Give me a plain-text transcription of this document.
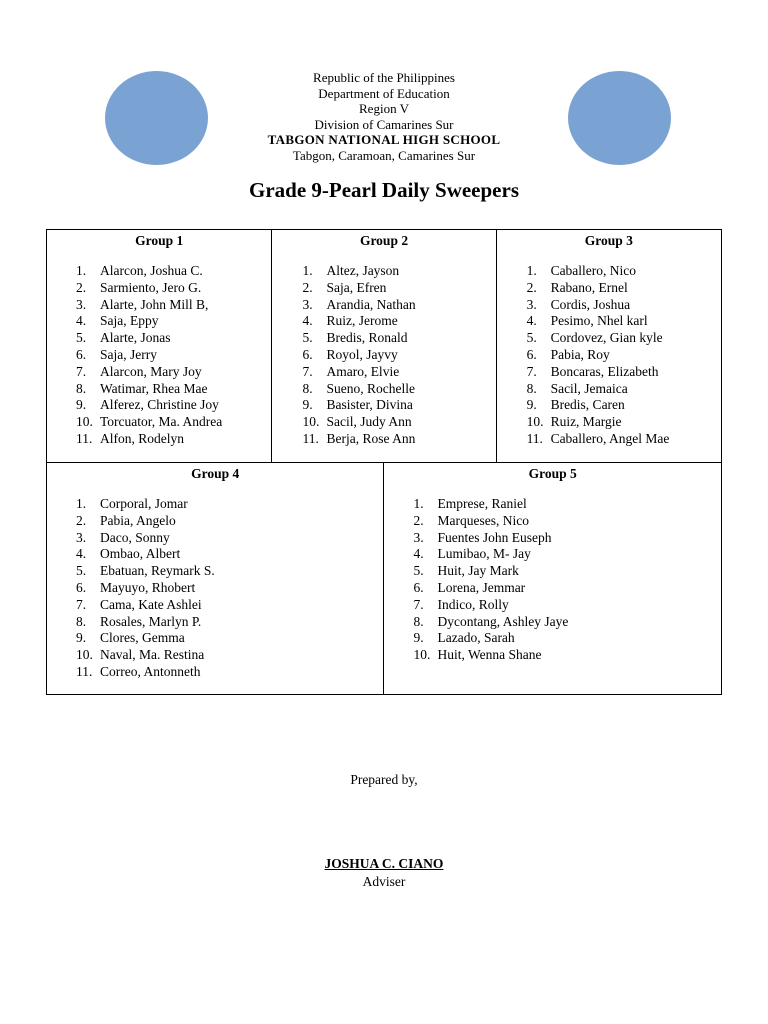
Republic of the Philippines
Department of Education
Region V
Division of Camarines Sur
TABGON NATIONAL HIGH SCHOOL
Tabgon, Caramoan, Camarines Sur
Grade 9-Pearl Daily Sweepers
Group 1
1. Alarcon, Joshua C.
2. Sarmiento, Jero G.
3. Alarte, John Mill B,
4. Saja, Eppy
5. Alarte, Jonas
6. Saja, Jerry
7. Alarcon, Mary Joy
8. Watimar, Rhea Mae
9. Alferez, Christine Joy
10. Torcuator, Ma. Andrea
11. Alfon, Rodelyn

Group 2
1. Altez, Jayson
2. Saja, Efren
3. Arandia, Nathan
4. Ruiz, Jerome
5. Bredis, Ronald
6. Royol, Jayvy
7. Amaro, Elvie
8. Sueno, Rochelle
9. Basister, Divina
10. Sacil, Judy Ann
11. Berja, Rose Ann

Group 3
1. Caballero, Nico
2. Rabano, Ernel
3. Cordis, Joshua
4. Pesimo, Nhel karl
5. Cordovez, Gian kyle
6. Pabia, Roy
7. Boncaras, Elizabeth
8. Sacil, Jemaica
9. Bredis, Caren
10. Ruiz, Margie
11. Caballero, Angel Mae
Group 4
1. Corporal, Jomar
2. Pabia, Angelo
3. Daco, Sonny
4. Ombao, Albert
5. Ebatuan, Reymark S.
6. Mayuyo, Rhobert
7. Cama, Kate Ashlei
8. Rosales, Marlyn P.
9. Clores, Gemma
10. Naval, Ma. Restina
11. Correo, Antonneth

Group 5
1. Emprese, Raniel
2. Marqueses, Nico
3. Fuentes John Euseph
4. Lumibao, M- Jay
5. Huit, Jay Mark
6. Lorena, Jemmar
7. Indico, Rolly
8. Dycontang, Ashley Jaye
9. Lazado, Sarah
10. Huit, Wenna Shane
Prepared by,
JOSHUA C. CIANO
Adviser
